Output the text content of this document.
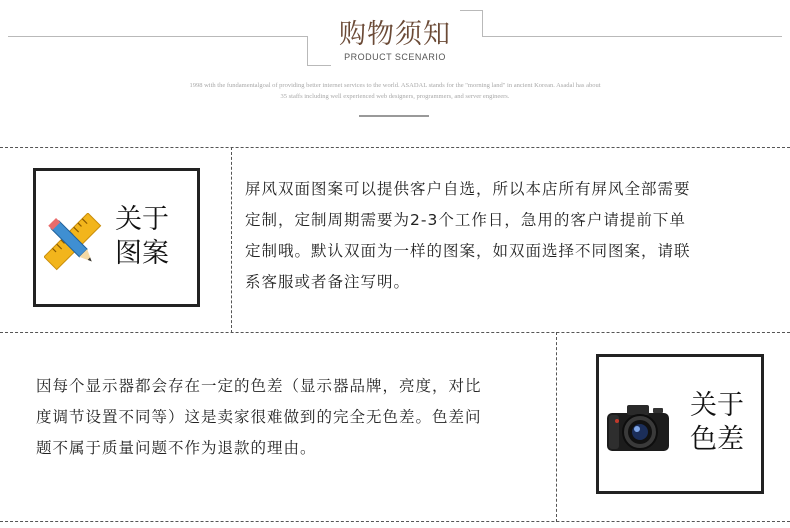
购物须知
PRODUCT SCENARIO
1998 with the fundamentalgoal of providing better internet services to the world. ASADAL stands for the "morning land" in ancient Korean. Asadal has about
35 staffs including well experienced web designers, programmers, and server engineers.
关于
图案
屏风双面图案可以提供客户自选，所以本店所有屏风全部需要
定制，定制周期需要为2-3个工作日，急用的客户请提前下单
定制哦。默认双面为一样的图案，如双面选择不同图案，请联
系客服或者备注写明。
因每个显示器都会存在一定的色差（显示器品牌，亮度，对比
度调节设置不同等）这是卖家很难做到的完全无色差。色差问
题不属于质量问题不作为退款的理由。
关于
色差
